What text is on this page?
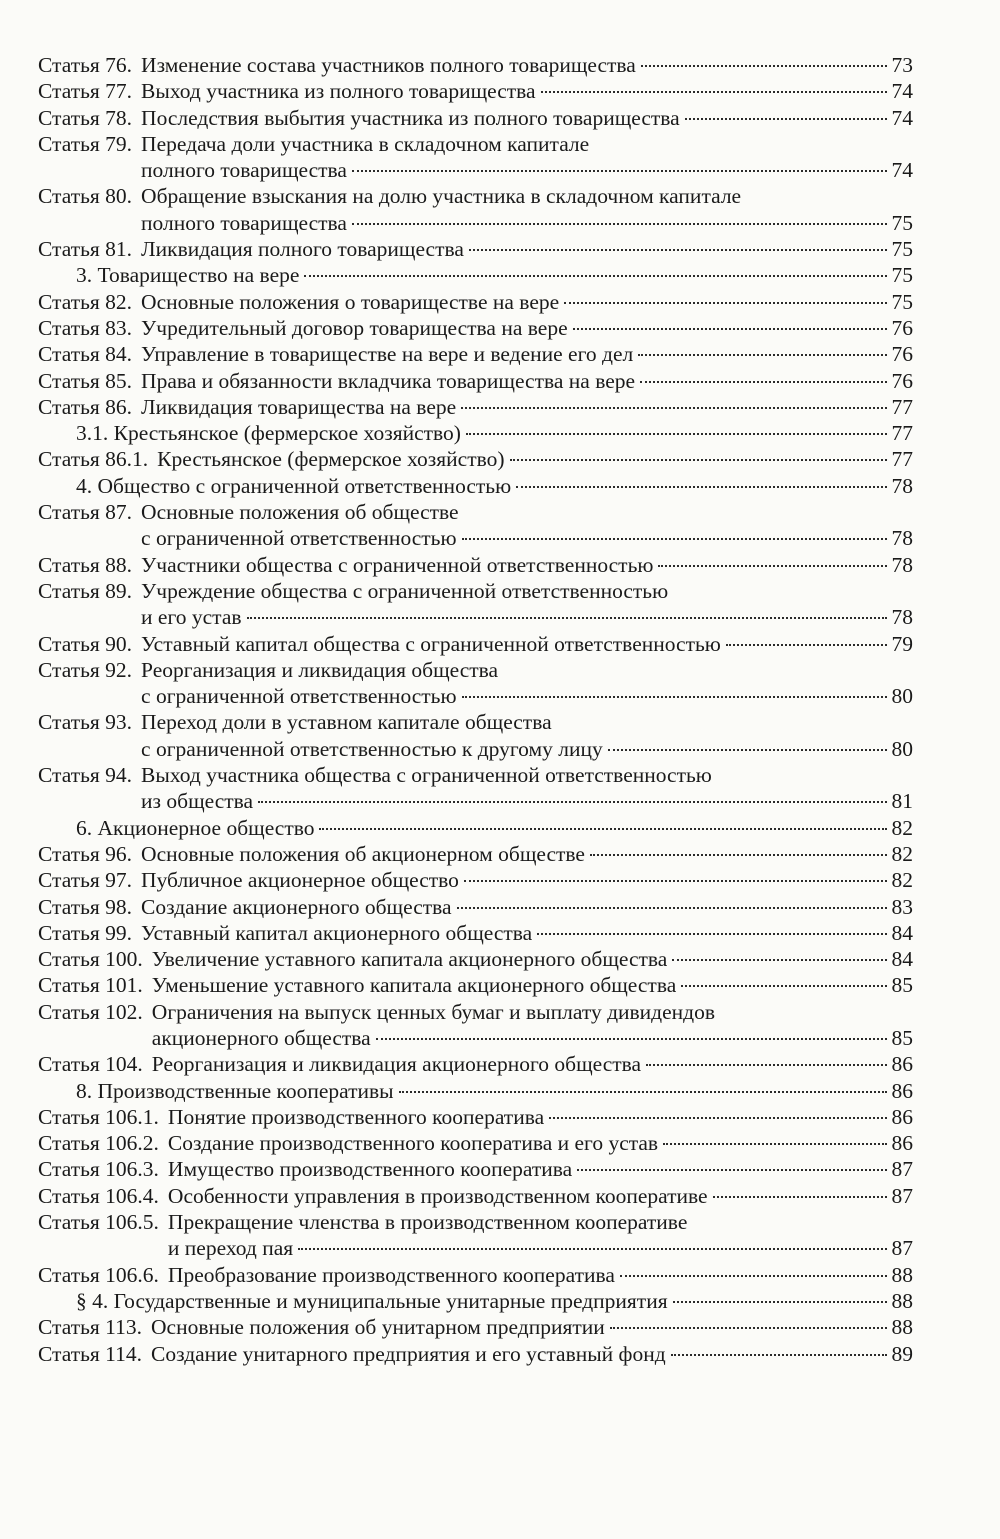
Статья 76. Изменение состава участников полного товарищества	73
Статья 77. Выход участника из полного товарищества	74
Статья 78. Последствия выбытия участника из полного товарищества	74
Статья 79. Передача доли участника в складочном капитале
полного товарищества	74
Статья 80. Обращение взыскания на долю участника в складочном капитале
полного товарищества	75
Статья 81. Ликвидация полного товарищества	75
3. Товарищество на вере	75
Статья 82. Основные положения о товариществе на вере	75
Статья 83. Учредительный договор товарищества на вере	76
Статья 84. Управление в товариществе на вере и ведение его дел	76
Статья 85. Права и обязанности вкладчика товарищества на вере	76
Статья 86. Ликвидация товарищества на вере	77
3.1. Крестьянское (фермерское хозяйство)	77
Статья 86.1. Крестьянское (фермерское хозяйство)	77
4. Общество с ограниченной ответственностью	78
Статья 87. Основные положения об обществе
с ограниченной ответственностью	78
Статья 88. Участники общества с ограниченной ответственностью	78
Статья 89. Учреждение общества с ограниченной ответственностью
и его устав	78
Статья 90. Уставный капитал общества с ограниченной ответственностью	79
Статья 92. Реорганизация и ликвидация общества
с ограниченной ответственностью	80
Статья 93. Переход доли в уставном капитале общества
с ограниченной ответственностью к другому лицу	80
Статья 94. Выход участника общества с ограниченной ответственностью
из общества	81
6. Акционерное общество	82
Статья 96. Основные положения об акционерном обществе	82
Статья 97. Публичное акционерное общество	82
Статья 98. Создание акционерного общества	83
Статья 99. Уставный капитал акционерного общества	84
Статья 100. Увеличение уставного капитала акционерного общества	84
Статья 101. Уменьшение уставного капитала акционерного общества	85
Статья 102. Ограничения на выпуск ценных бумаг и выплату дивидендов
акционерного общества	85
Статья 104. Реорганизация и ликвидация акционерного общества	86
8. Производственные кооперативы	86
Статья 106.1. Понятие производственного кооператива	86
Статья 106.2. Создание производственного кооператива и его устав	86
Статья 106.3. Имущество производственного кооператива	87
Статья 106.4. Особенности управления в производственном кооперативе	87
Статья 106.5. Прекращение членства в производственном кооперативе
и переход пая	87
Статья 106.6. Преобразование производственного кооператива	88
§ 4. Государственные и муниципальные унитарные предприятия	88
Статья 113. Основные положения об унитарном предприятии	88
Статья 114. Создание унитарного предприятия и его уставный фонд	89
